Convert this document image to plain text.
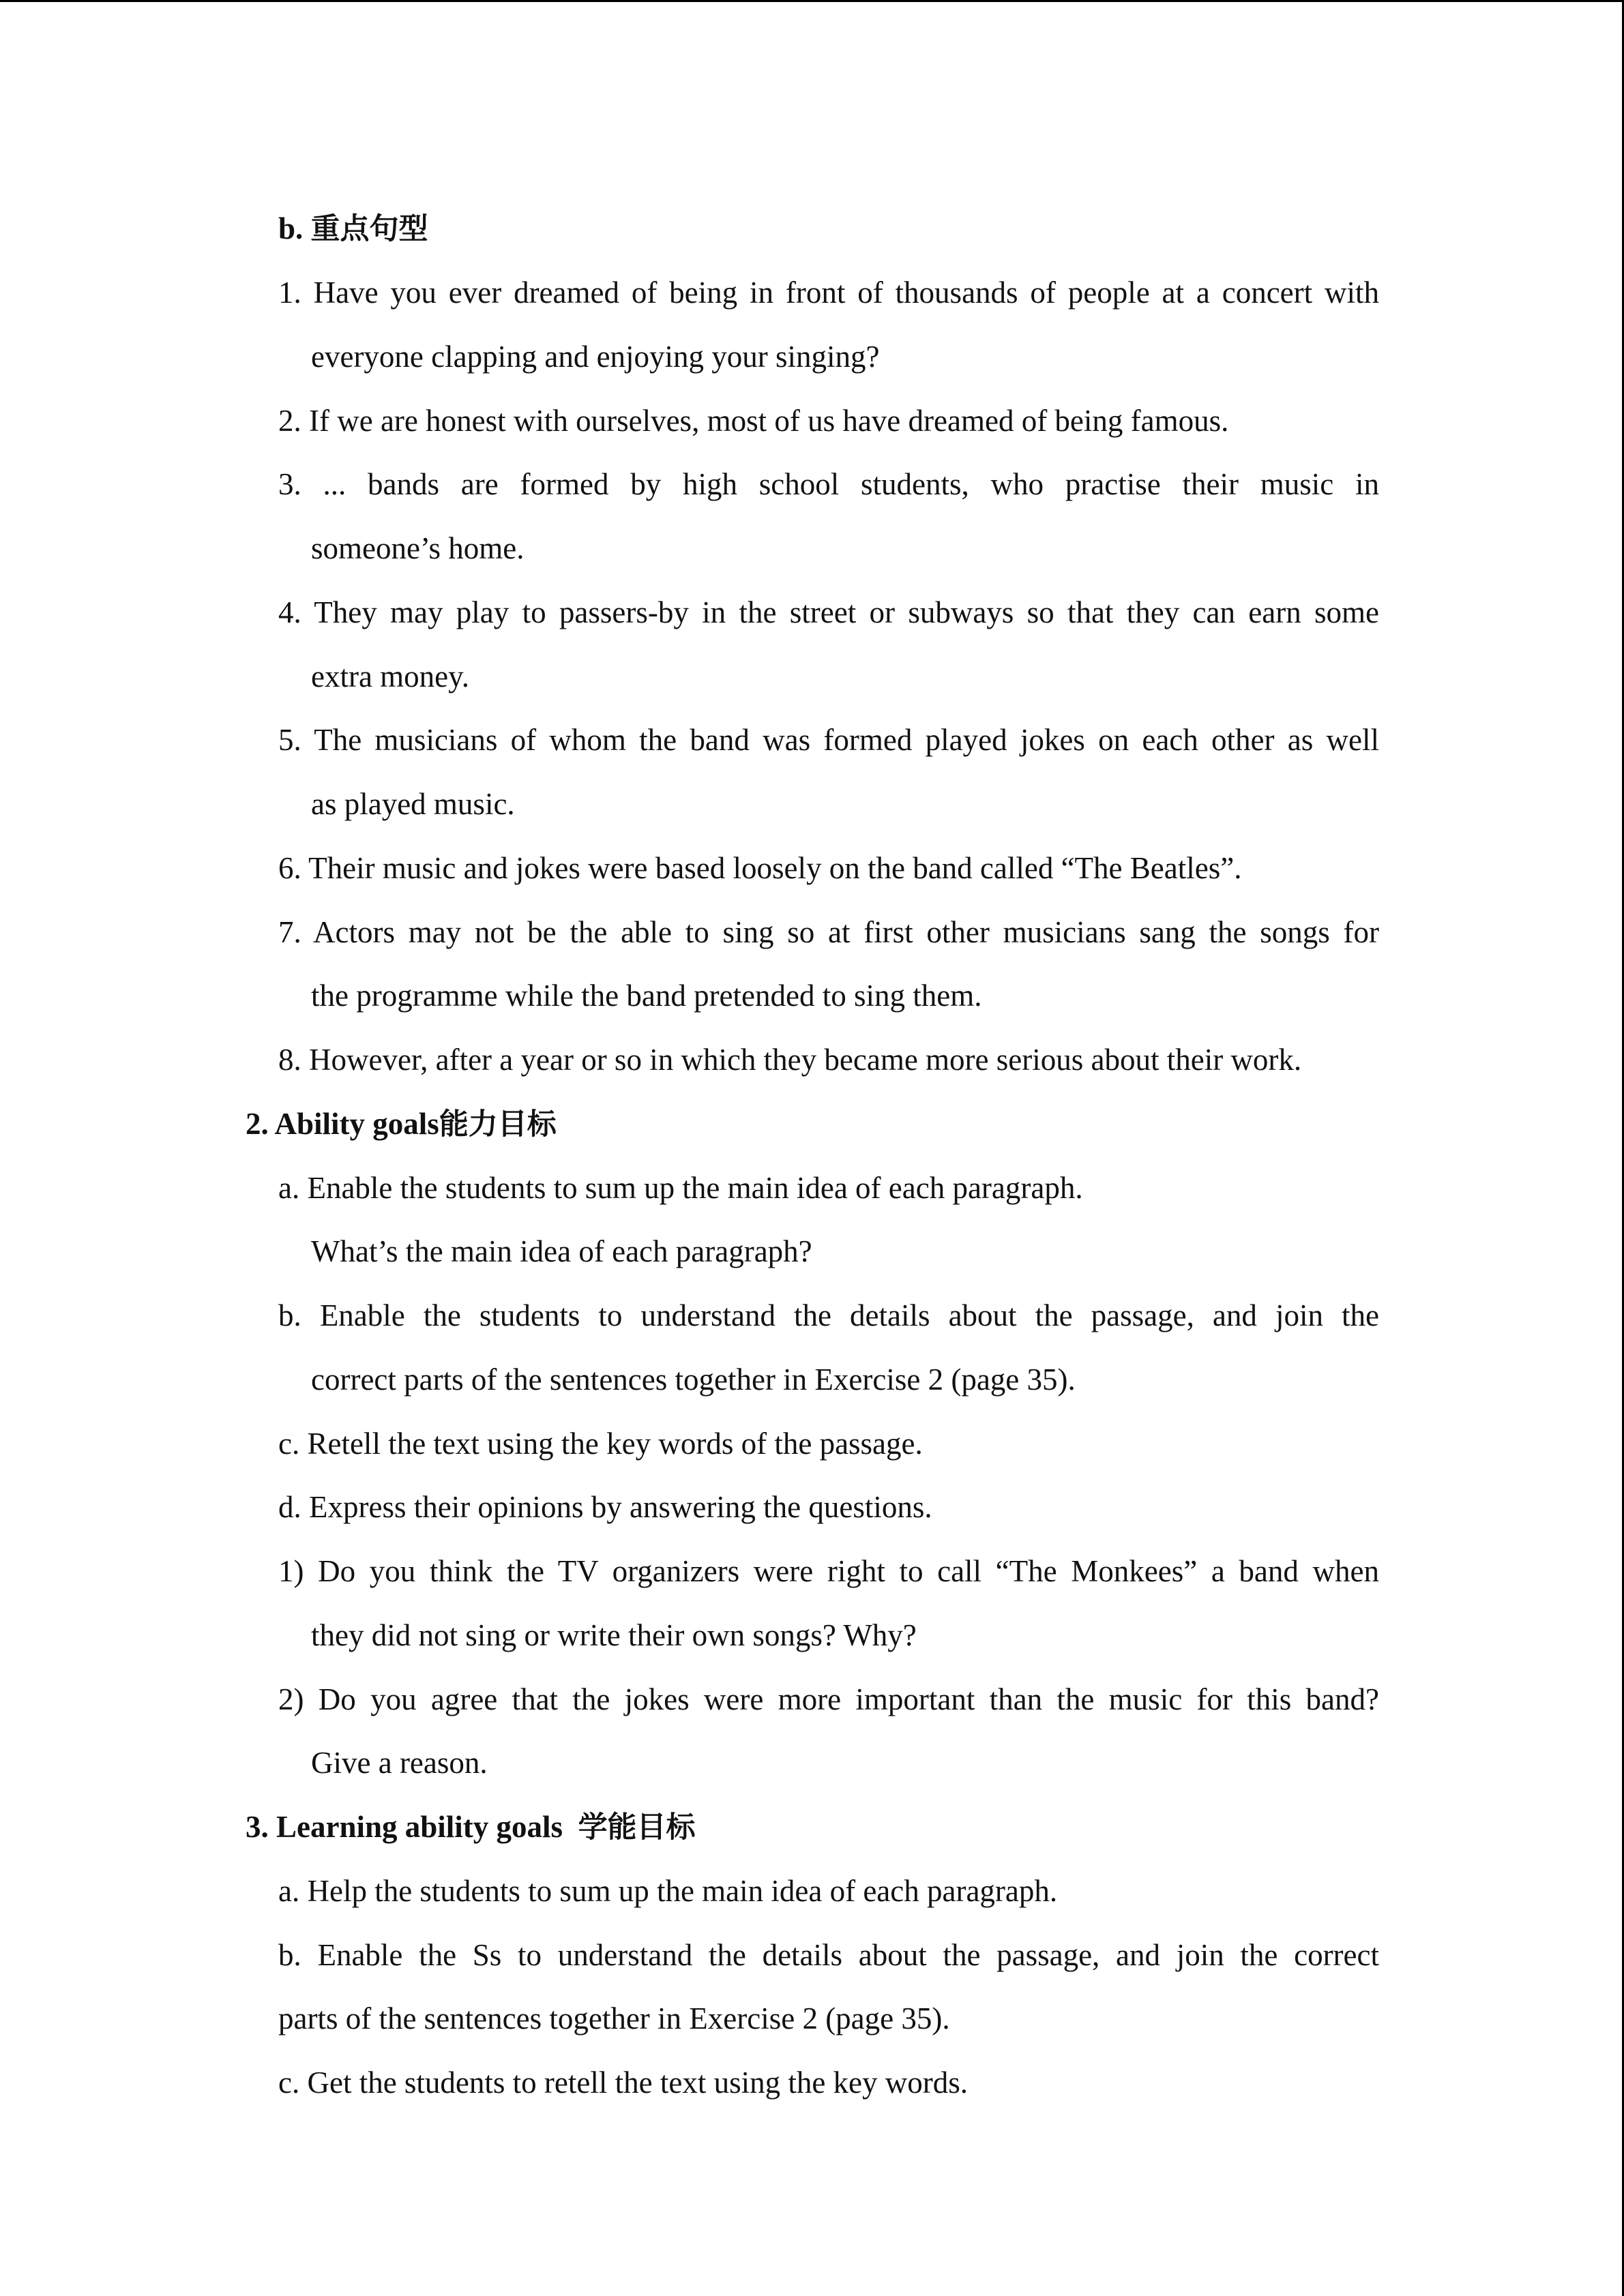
b. 重点句型
1. Have you ever dreamed of being in front of thousands of people at a concert with
everyone clapping and enjoying your singing?
2. If we are honest with ourselves, most of us have dreamed of being famous.
3. ... bands are formed by high school students, who practise their music in
someone’s home.
4. They may play to passers-by in the street or subways so that they can earn some
extra money.
5. The musicians of whom the band was formed played jokes on each other as well
as played music.
6. Their music and jokes were based loosely on the band called “The Beatles”.
7. Actors may not be the able to sing so at first other musicians sang the songs for
the programme while the band pretended to sing them.
8. However, after a year or so in which they became more serious about their work.
2. Ability goals能力目标
a. Enable the students to sum up the main idea of each paragraph.
What’s the main idea of each paragraph?
b. Enable the students to understand the details about the passage, and join the
correct parts of the sentences together in Exercise 2 (page 35).
c. Retell the text using the key words of the passage.
d. Express their opinions by answering the questions.
1) Do you think the TV organizers were right to call “The Monkees” a band when
they did not sing or write their own songs? Why?
2) Do you agree that the jokes were more important than the music for this band?
Give a reason.
3. Learning ability goals 学能目标
a. Help the students to sum up the main idea of each paragraph.
b. Enable the Ss to understand the details about the passage, and join the correct
parts of the sentences together in Exercise 2 (page 35).
c. Get the students to retell the text using the key words.
